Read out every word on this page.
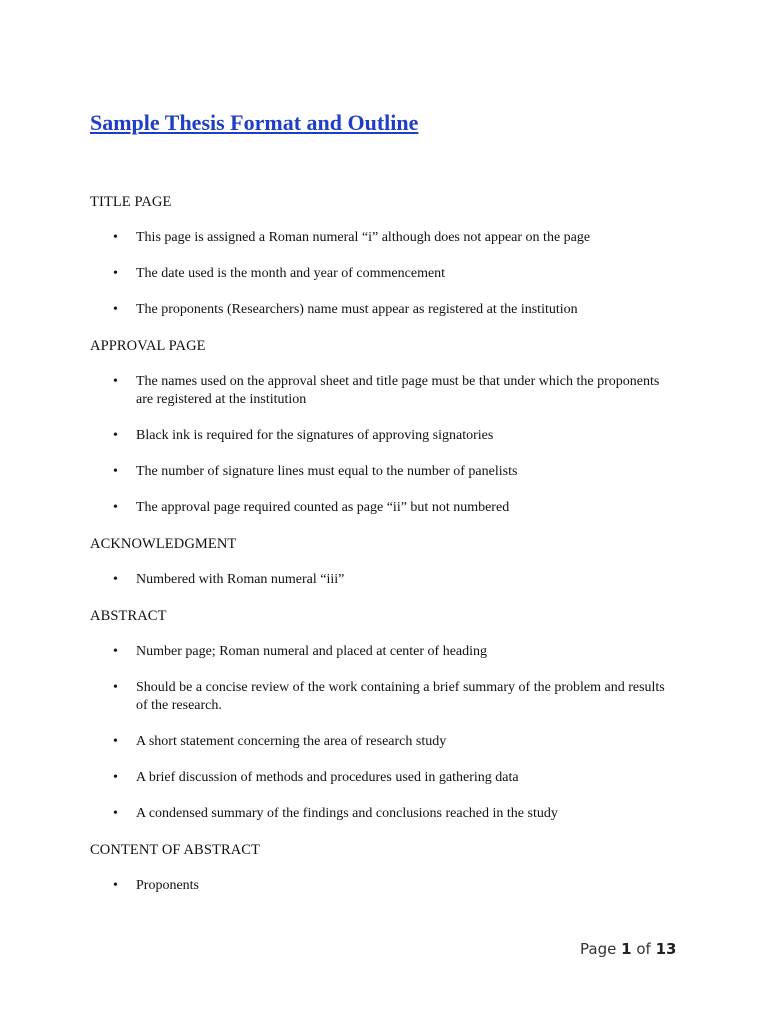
Sample Thesis Format and Outline
TITLE PAGE
• This page is assigned a Roman numeral “i” although does not appear on the page
• The date used is the month and year of commencement
• The proponents (Researchers) name must appear as registered at the institution
APPROVAL PAGE
• The names used on the approval sheet and title page must be that under which the proponents are registered at the institution
• Black ink is required for the signatures of approving signatories
• The number of signature lines must equal to the number of panelists
• The approval page required counted as page “ii” but not numbered
ACKNOWLEDGMENT
• Numbered with Roman numeral “iii”
ABSTRACT
• Number page; Roman numeral and placed at center of heading
• Should be a concise review of the work containing a brief summary of the problem and results of the research.
• A short statement concerning the area of research study
• A brief discussion of methods and procedures used in gathering data
• A condensed summary of the findings and conclusions reached in the study
CONTENT OF ABSTRACT
• Proponents
Page 1 of 13
